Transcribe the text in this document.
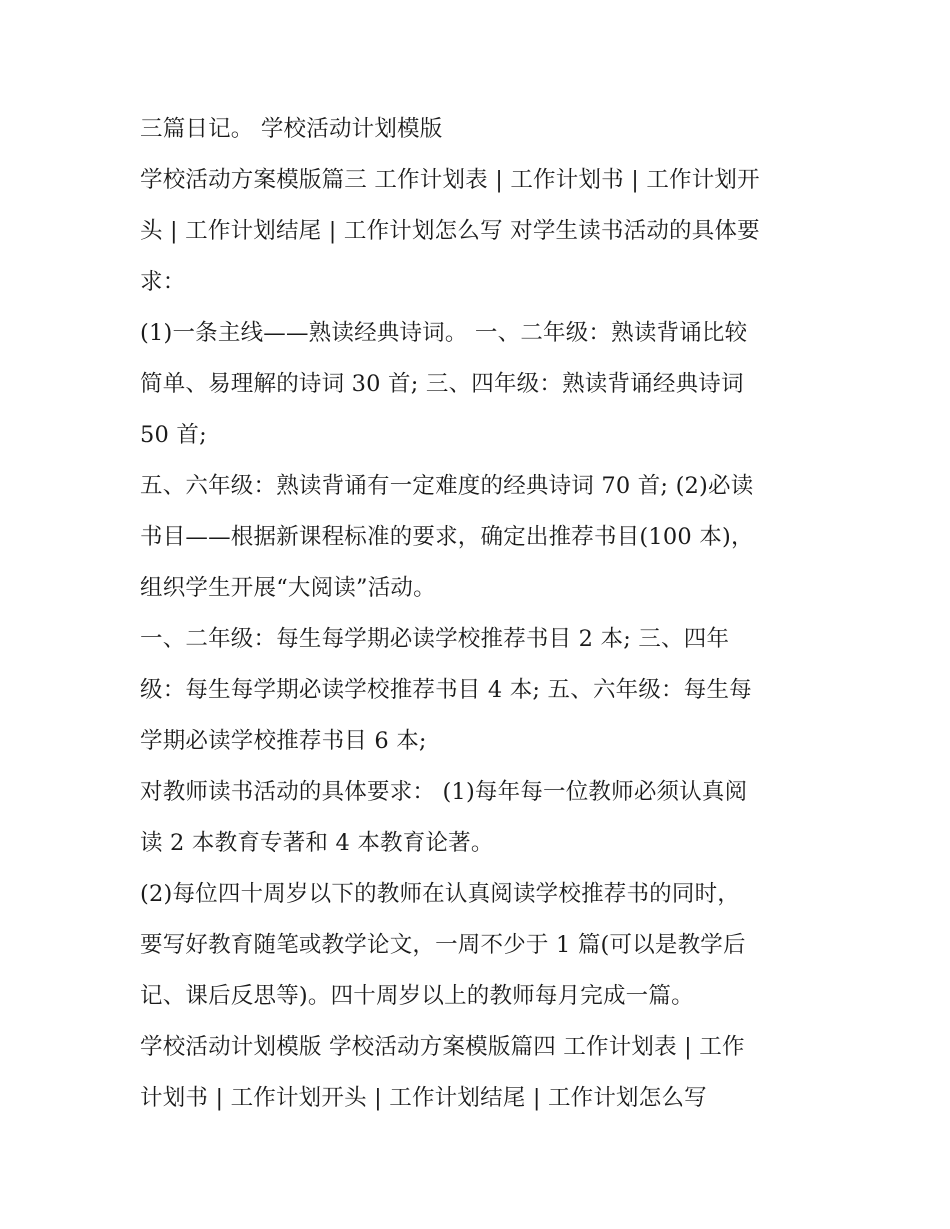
三篇日记。 学校活动计划模版

学校活动方案模版篇三 工作计划表 | 工作计划书 | 工作计划开
头 | 工作计划结尾 | 工作计划怎么写 对学生读书活动的具体要
求：

(1)一条主线——熟读经典诗词。 一、二年级：熟读背诵比较
简单、易理解的诗词 30 首; 三、四年级：熟读背诵经典诗词
50 首;

五、六年级：熟读背诵有一定难度的经典诗词 70 首; (2)必读
书目——根据新课程标准的要求，确定出推荐书目(100 本)，
组织学生开展“大阅读”活动。

一、二年级：每生每学期必读学校推荐书目 2 本; 三、四年
级：每生每学期必读学校推荐书目 4 本; 五、六年级：每生每
学期必读学校推荐书目 6 本;

对教师读书活动的具体要求： (1)每年每一位教师必须认真阅
读 2 本教育专著和 4 本教育论著。

(2)每位四十周岁以下的教师在认真阅读学校推荐书的同时，
要写好教育随笔或教学论文，一周不少于 1 篇(可以是教学后
记、课后反思等)。四十周岁以上的教师每月完成一篇。

学校活动计划模版 学校活动方案模版篇四 工作计划表 | 工作
计划书 | 工作计划开头 | 工作计划结尾 | 工作计划怎么写
